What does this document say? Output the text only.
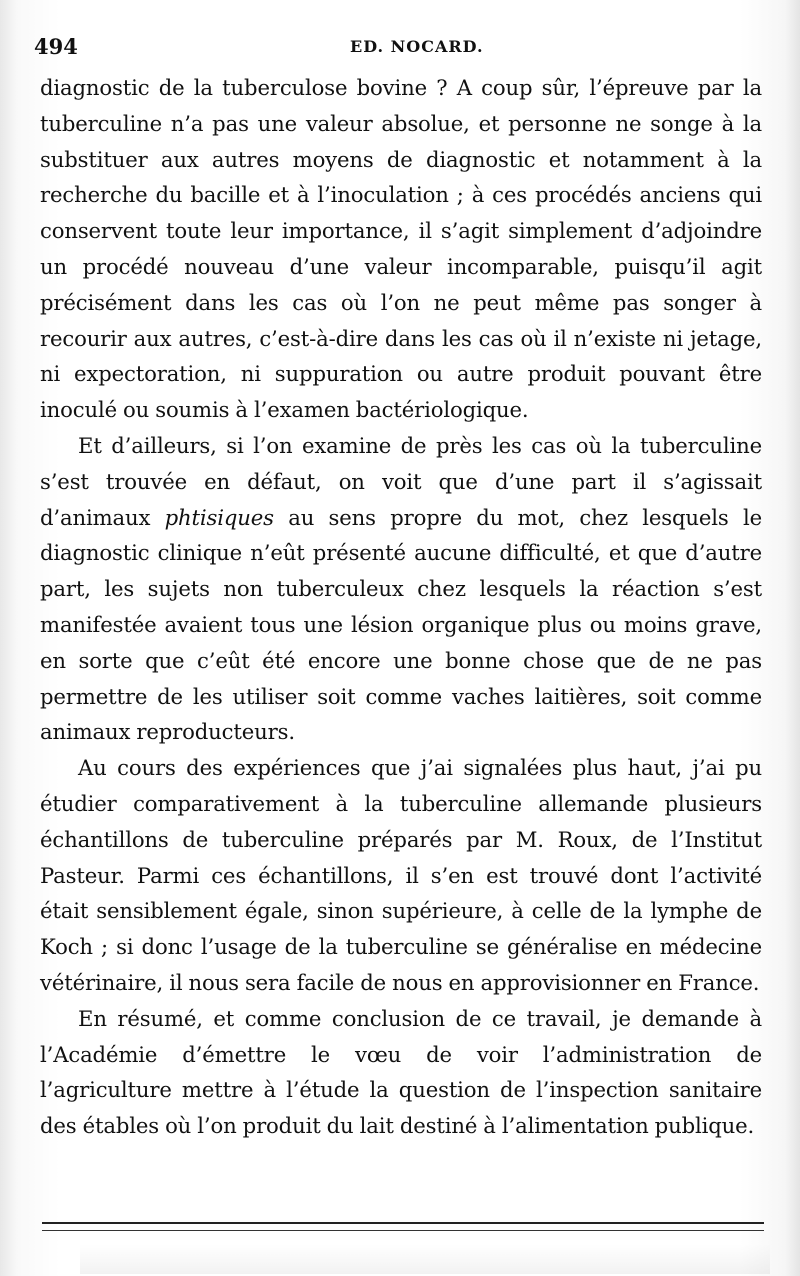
494	ED. NOCARD.

diagnostic de la tuberculose bovine ? A coup sûr, l’épreuve par la tuberculine n’a pas une valeur absolue, et personne ne songe à la substituer aux autres moyens de diagnostic et notamment à la recherche du bacille et à l’inoculation ; à ces procédés anciens qui conservent toute leur importance, il s’agit simplement d’adjoindre un procédé nouveau d’une valeur incomparable, puisqu’il agit précisément dans les cas où l’on ne peut même pas songer à recourir aux autres, c’est-à-dire dans les cas où il n’existe ni jetage, ni expectoration, ni suppuration ou autre produit pouvant être inoculé ou soumis à l’examen bactériologique.

Et d’ailleurs, si l’on examine de près les cas où la tuberculine s’est trouvée en défaut, on voit que d’une part il s’agissait d’animaux phtisiques au sens propre du mot, chez lesquels le diagnostic clinique n’eût présenté aucune difficulté, et que d’autre part, les sujets non tuberculeux chez lesquels la réaction s’est manifestée avaient tous une lésion organique plus ou moins grave, en sorte que c’eût été encore une bonne chose que de ne pas permettre de les utiliser soit comme vaches laitières, soit comme animaux reproducteurs.

Au cours des expériences que j’ai signalées plus haut, j’ai pu étudier comparativement à la tuberculine allemande plusieurs échantillons de tuberculine préparés par M. Roux, de l’Institut Pasteur. Parmi ces échantillons, il s’en est trouvé dont l’activité était sensiblement égale, sinon supérieure, à celle de la lymphe de Koch ; si donc l’usage de la tuberculine se généralise en médecine vétérinaire, il nous sera facile de nous en approvisionner en France.

En résumé, et comme conclusion de ce travail, je demande à l’Académie d’émettre le vœu de voir l’administration de l’agriculture mettre à l’étude la question de l’inspection sanitaire des étables où l’on produit du lait destiné à l’alimentation publique.
